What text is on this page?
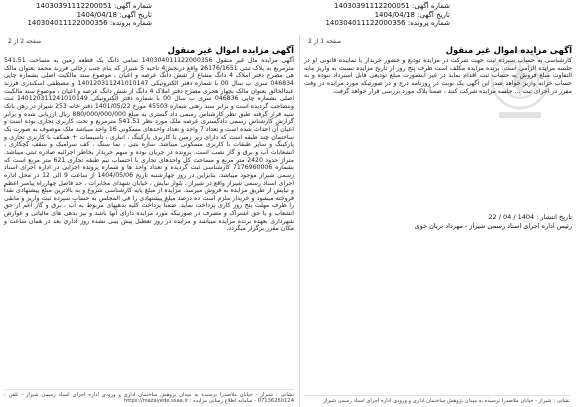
شماره آگهی: 14030391112200051
تاریخ آگهی: 1404/04/18
شماره پرونده: 140304011122000356
صفحه 2 از 2
آگهی مزایده اموال غیر منقول
آگهی مزایده مال غیر منقول 140304011122000356 تمامی دانگ یک قطعه زمین به مساحت 541.51 مترمربع به پلاک ثبتی 26176/1651 واقع دربخش4 ناحیه 5 شیراز که بنام جنب رجائی فرزند محمد بعنوان مالک هی مصرح دفتر املاک 4 دانگ مشاع از شش دانگ عرصه و اعیان ، موضوع سند مالکیت اصلی بشماره چاپی 046834 سری ب سال 00 با شماره دفتر الکترونیکی 140120311241010147 و مصطفی اسکندری فرزند عبدالخالق بعنوان مالک بچهار هجری مصرح دفتر املاک 4 دانگ از شش دانگ عرصه و اعیان ، موضوع سند مالکیت اصلی بشماره چاپی 046836 سری ب سال 00 با شماره دفتر الکترونیکی 140120311241010149 ثبت وبتصاحب گردیده است و برابر سند رهنی شماره 45503 مورخ 1401/05/22 دفتر خانه 253 شیراز در رهن بانک سپه قرار گرفته طبق نظر کارشناس رسمی داد گستری به مبلغ 880/000/000/000 ریال ارزیابی شده و برابر گزارش کارشناس رسمی دادگستری عرصه ملک مورد نظر 541.51 مترمربع و تحت کاربری تجاری بوده است و اعیان آن احداث شده است و تعداد 7 واحد و تعداد واحدهای مسکونی 16 واحد میباشد ملک موصوف به صورت یک ساختمان چند طبقه است که دارای زیر زمین با کاربری پارکینگ ، انباری ، تاسیسات + همکف با کاربری تجاری و پارکینگ و سایر طبقات با کاربری مسکونی میباشد. سازه بتنی ، نما سنگ ، کف سرامیک و سقف گچکاری ، انشعابات آب و برق و گاز نصب است. پرونده در جریان بوده و سهم خریدار بخاطر اجرائیه صادره ثبتی میباشد. متراژ حدود 2420 متر مربع و مساحت کل واحدهای تجاری با احتساب نیم طبقه تجاری 621 متر مربع است که بشماره 7176960006 کارشناسی ثبت گردیده و تعداد واحد ها و شماره پرونده اجرایی در اداره اجرای اسناد رسمی شیراز موجود میباشد. بنابراین در روز چهارشنبه تاریخ 1404/05/06 از ساعت 9 الی 12 در محل اداره اجرای اسناد رسمی شیراز واقع در شیراز ، بلوار نیایش ، خیابان شهدای مخابرات ، حد فاصل چهارراه پیامبر اعظم و نیایش از طریق مزایده به فروش میرسد. مزایده از مبلغ پایه کارشناسی شروع و به بالاترین مبلغ پیشنهادی نقداً فروخته میشود و خریدار ملزم است ده درصد مبلغ پیشنهادی را فی المجلس به حساب سپرده ثبت واریز و مابقی را ظرف مهلت پنج روز کاری پرداخت نماید. ضمناً پرداخت کلیه بدهیهای مربوط به آب ، برق و گاز اعم از حق انشعاب و یا حق اشتراک و مصرف در صورتیکه مورد مزایده دارای آنها باشد و نیز بدهی های مالیاتی و عوارض شهرداری بعهده برنده مزایده میباشد و مزایده در روز تعطیل پیش بینی نشده روز اداری بعد در همان ساعت و مکان مقرر برگزار میگردد.
نشانی : شیراز - خیابان ملاصدرا نرسیده به میدان پژوهش ساختمان اداری و ورودی اداره اجرای اسناد رسمی شیراز - تلفن : 07136250124 - سامانه اطلاع رسانی مزایده : https://mazayede.ssaa.ir
شماره آگهی: 14030391112200051
تاریخ آگهی: 1404/04/18
شماره پرونده: 140304011122000356
صفحه 1 از 2
آگهی مزایده اموال غیر منقول
کارشناسی به حساب سپرده ثبت جهت شرکت در مزایده تودیع و حضور خریدار یا نماینده قانونی او در جلسه مزایده الزامی است. برنده مزایده مکلف است ظرف پنج روز از تاریخ مزایده نسبت به واریز مابه التفاوت مبلغ فروش به حساب ثبت اقدام نماید در غیر اینصورت مبلغ تودیعی قابل استرداد نبوده و به حساب خزانه واریز خواهد شد. این آگهی یک نوبت در روزنامه درج و در صورتیکه مورد مزایده در وقت مقرر در اجرای ثبت ... جلسه مزایده شرکت کنند ، ضمناً پلاک مورد بررسی قرار خواهد گرفت.
تاریخ انتشار : 1404 / 04 / 22
رئیس اداره اجرای اسناد رسمی شیراز - مهرداد بریان خوی
نشانی : شیراز - خیابان ملاصدرا نرسیده به میدان پژوهش ساختمان اداری و ورودی اداره اجرای اسناد رسمی شیراز
